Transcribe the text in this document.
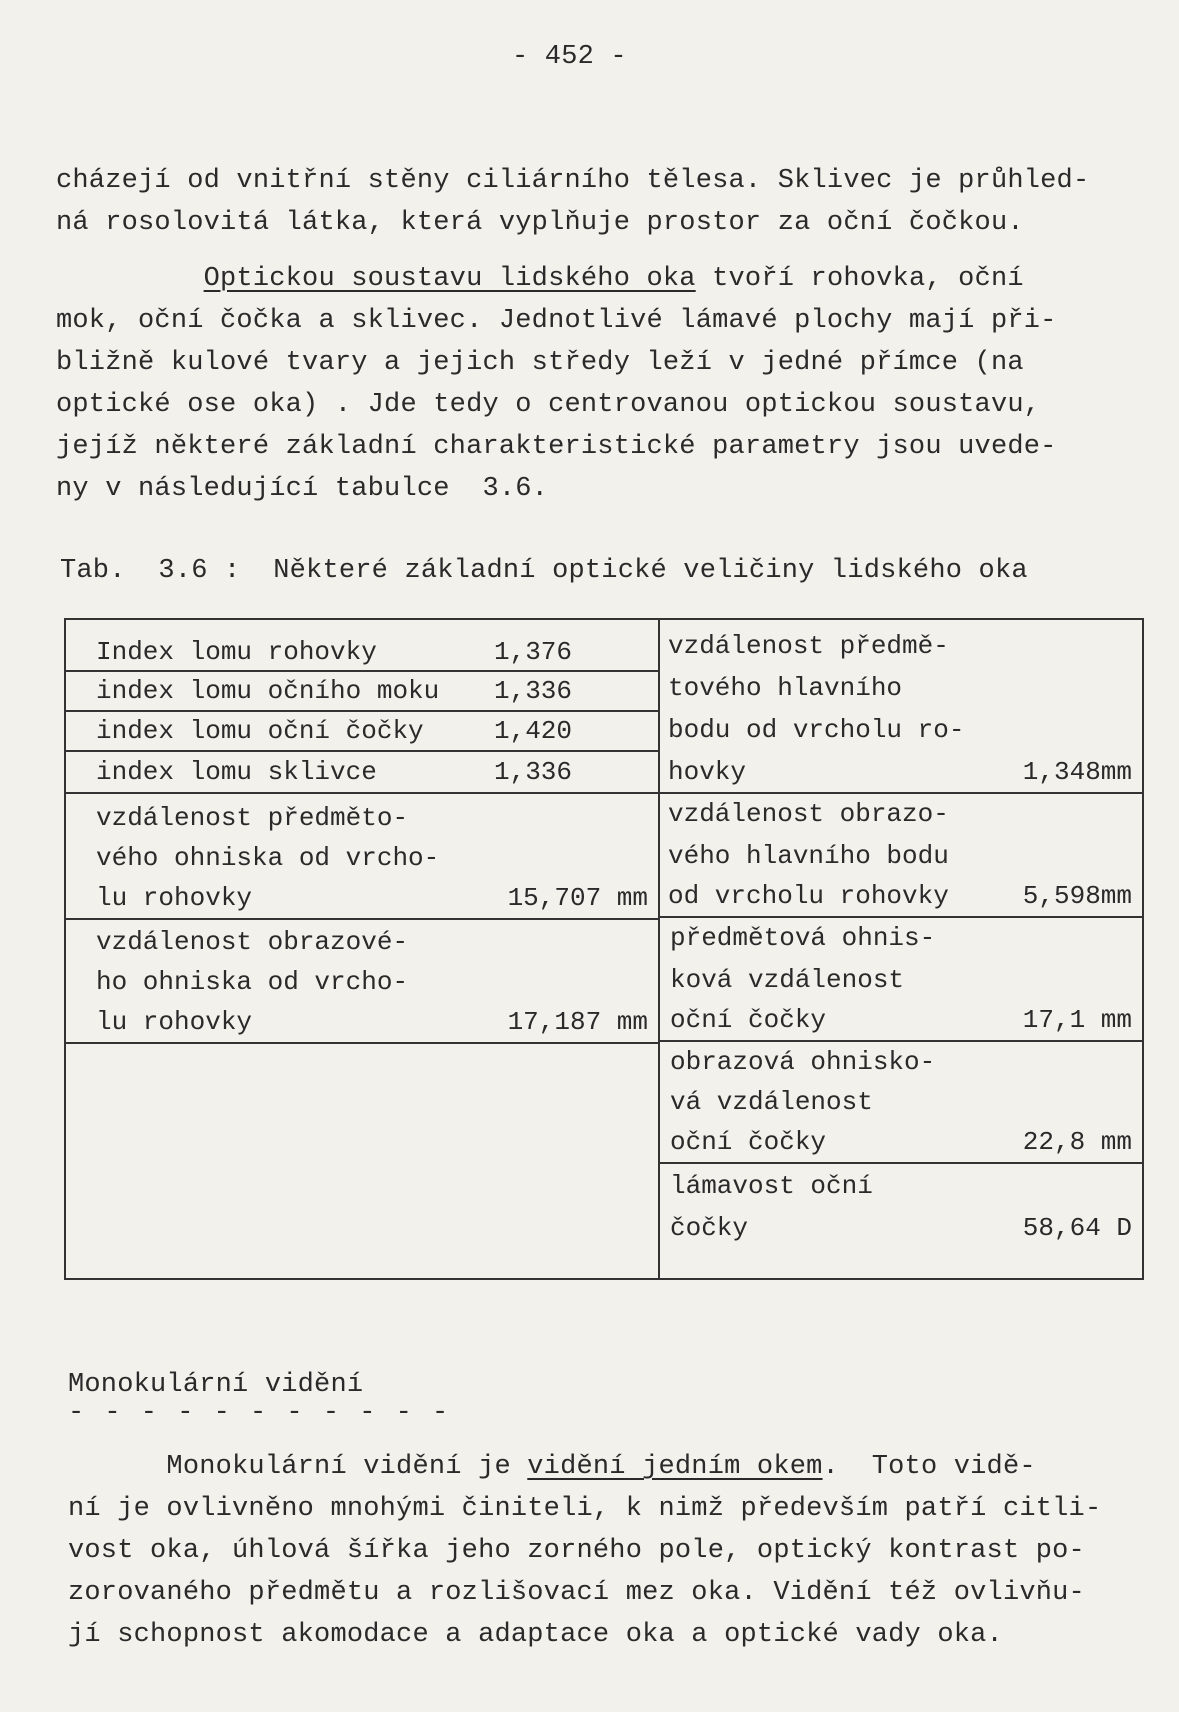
- 452 -
cházejí od vnitřní stěny ciliárního tělesa. Sklivec je průhled-
ná rosolovitá látka, která vyplňuje prostor za oční čočkou.
Optickou soustavu lidského oka tvoří rohovka, oční
mok, oční čočka a sklivec. Jednotlivé lámavé plochy mají při-
bližně kulové tvary a jejich středy leží v jedné přímce (na
optické ose oka) . Jde tedy o centrovanou optickou soustavu,
jejíž některé základní charakteristické parametry jsou uvede-
ny v následující tabulce  3.6.
Tab.  3.6 :  Některé základní optické veličiny lidského oka
Index lomu rohovky	1,376
index lomu očního moku 1,336
index lomu oční čočky	1,420
index lomu sklivce	1,336
vzdálenost předměto-
vého ohniska od vrcho-
lu rohovky	15,707 mm
vzdálenost obrazové-
ho ohniska od vrcho-
lu rohovky	17,187 mm
vzdálenost předmě-
tového hlavního
bodu od vrcholu ro-
hovky	1,348mm
vzdálenost obrazo-
vého hlavního bodu
od vrcholu rohovky	5,598mm
předmětová ohnis-
ková vzdálenost
oční čočky	17,1 mm
obrazová ohnisko-
vá vzdálenost
oční čočky	22,8 mm
lámavost oční
čočky	58,64 D
Monokulární vidění
- - - - - - - - - - -
Monokulární vidění je vidění jedním okem.  Toto vidě-
ní je ovlivněno mnohými činiteli, k nimž především patří citli-
vost oka, úhlová šířka jeho zorného pole, optický kontrast po-
zorovaného předmětu a rozlišovací mez oka. Vidění též ovlivňu-
jí schopnost akomodace a adaptace oka a optické vady oka.
